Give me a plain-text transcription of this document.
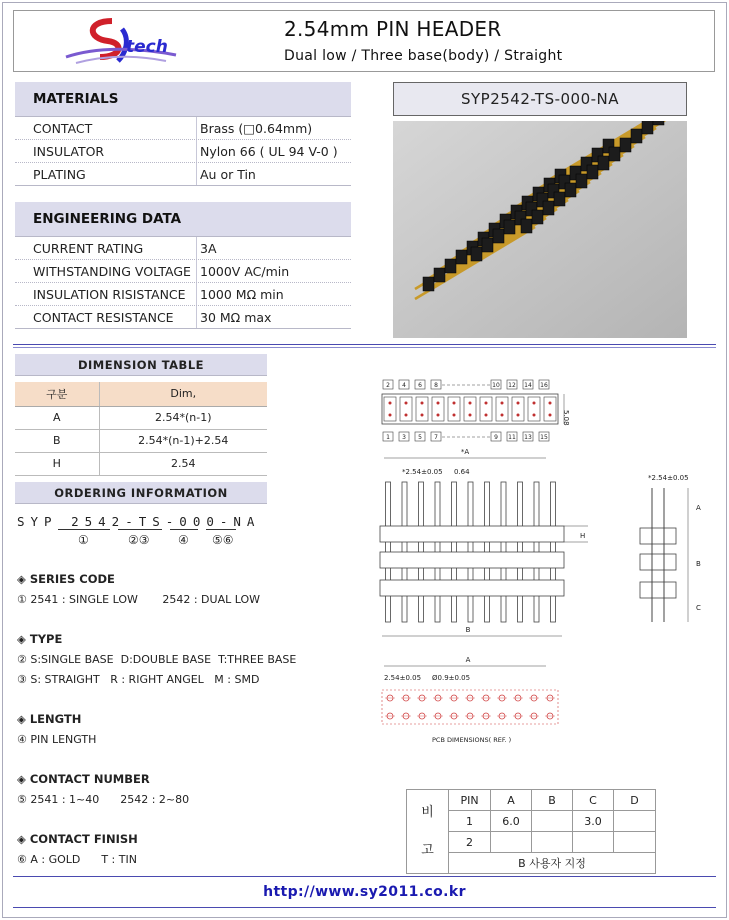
tech
2.54mm PIN HEADER
Dual low / Three base(body) / Straight
MATERIALS
CONTACT	Brass (□0.64mm)
INSULATOR	Nylon 66 ( UL 94 V-0 )
PLATING	Au or Tin
ENGINEERING DATA
CURRENT RATING	3A
WITHSTANDING VOLTAGE 1000V AC/min
INSULATION RISISTANCE	1000 MΩ min
CONTACT RESISTANCE	30 MΩ max
SYP2542-TS-000-NA
DIMENSION TABLE
구분	Dim,
A	2.54*(n-1)
B	2.54*(n-1)+2.54
H	2.54
ORDERING INFORMATION
SYP 2542-TS-000-NA
①	②③ ④ ⑤⑥
◈ SERIES CODE
① 2541 : SINGLE LOW       2542 : DUAL LOW
◈ TYPE
② S:SINGLE BASE  D:DOUBLE BASE  T:THREE BASE
③ S: STRAIGHT   R : RIGHT ANGEL   M : SMD
◈ LENGTH
④ PIN LENGTH
◈ CONTACT NUMBER
⑤ 2541 : 1~40      2542 : 2~80
◈ CONTACT FINISH
⑥ A : GOLD      T : TIN
2 4 6 8	10 12 14 16
1 3 5 7	9 11 13 15
5.08
*A
*2.54±0.05 0.64
H
B
*2.54±0.05
A
B
C
A
2.54±0.05 Ø0.9±0.05
PCB DIMENSIONS( REF. )
비
고	PIN	A	B	C	D
	1	6.0		3.0	
	2				
	B 사용자 지정				
http://www.sy2011.co.kr
